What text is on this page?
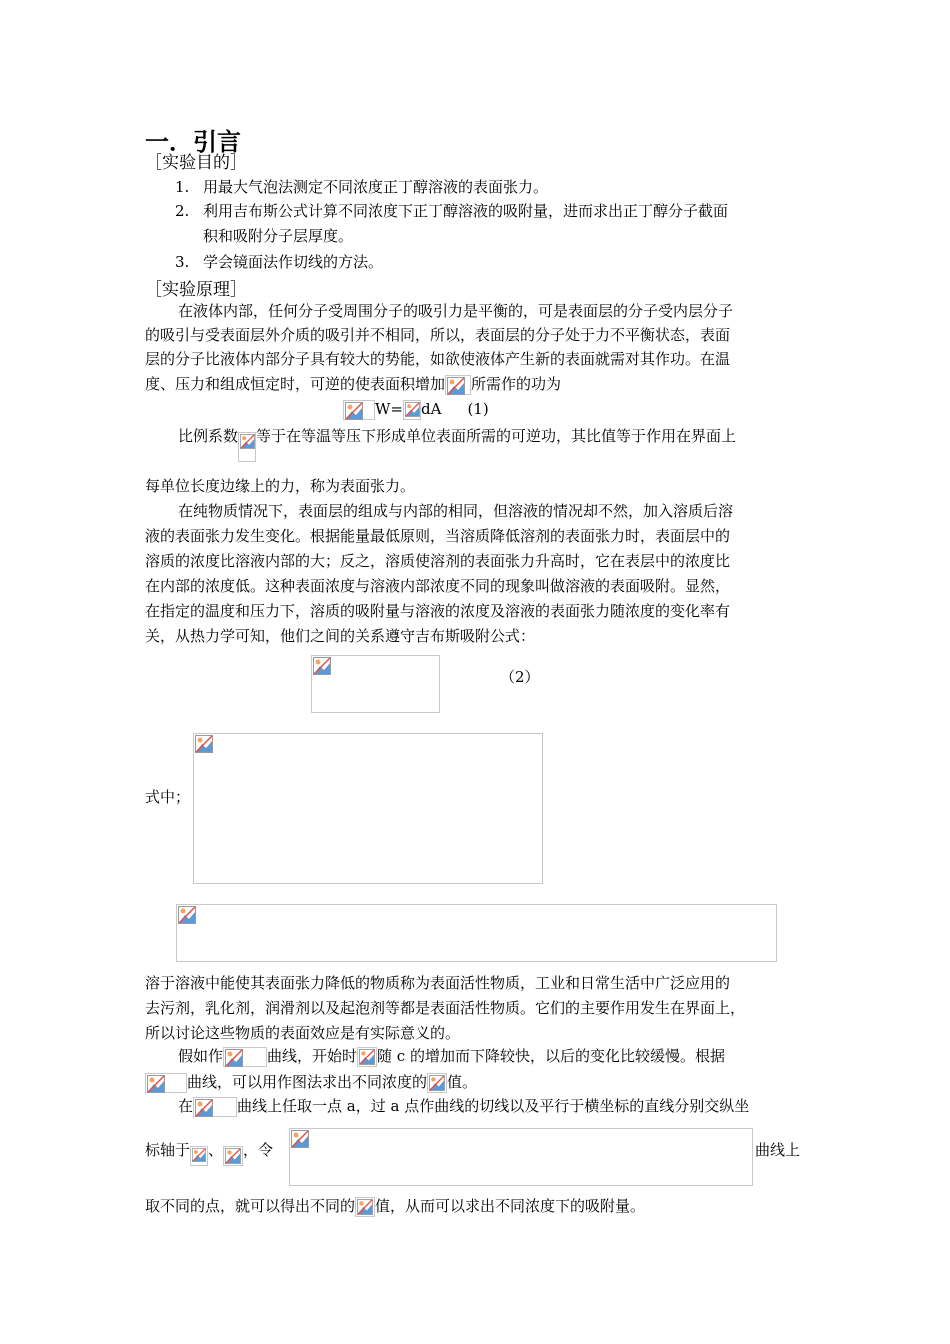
一．引言
［实验目的］
1. 用最大气泡法测定不同浓度正丁醇溶液的表面张力。
2. 利用吉布斯公式计算不同浓度下正丁醇溶液的吸附量，进而求出正丁醇分子截面
积和吸附分子层厚度。
3. 学会镜面法作切线的方法。
［实验原理］
在液体内部，任何分子受周围分子的吸引力是平衡的，可是表面层的分子受内层分子
的吸引与受表面层外介质的吸引并不相同，所以，表面层的分子处于力不平衡状态，表面
层的分子比液体内部分子具有较大的势能，如欲使液体产生新的表面就需对其作功。在温
度、压力和组成恒定时，可逆的使表面积增加 所需作的功为
W= dA (1)
比例系数 等于在等温等压下形成单位表面所需的可逆功，其比值等于作用在界面上
每单位长度边缘上的力，称为表面张力。
在纯物质情况下，表面层的组成与内部的相同，但溶液的情况却不然，加入溶质后溶
液的表面张力发生变化。根据能量最低原则，当溶质降低溶剂的表面张力时，表面层中的
溶质的浓度比溶液内部的大；反之，溶质使溶剂的表面张力升高时，它在表层中的浓度比
在内部的浓度低。这种表面浓度与溶液内部浓度不同的现象叫做溶液的表面吸附。显然，
在指定的温度和压力下，溶质的吸附量与溶液的浓度及溶液的表面张力随浓度的变化率有
关，从热力学可知，他们之间的关系遵守吉布斯吸附公式：
（2）
式中；
溶于溶液中能使其表面张力降低的物质称为表面活性物质，工业和日常生活中广泛应用的
去污剂，乳化剂，润滑剂以及起泡剂等都是表面活性物质。它们的主要作用发生在界面上，
所以讨论这些物质的表面效应是有实际意义的。
假如作	曲线，开始时 随 c 的增加而下降较快，以后的变化比较缓慢。根据
曲线，可以用作图法求出不同浓度的 值。
在	曲线上任取一点 a，过 a 点作曲线的切线以及平行于横坐标的直线分别交纵坐
标轴于 、 ，令	曲线上
取不同的点，就可以得出不同的 值，从而可以求出不同浓度下的吸附量。
